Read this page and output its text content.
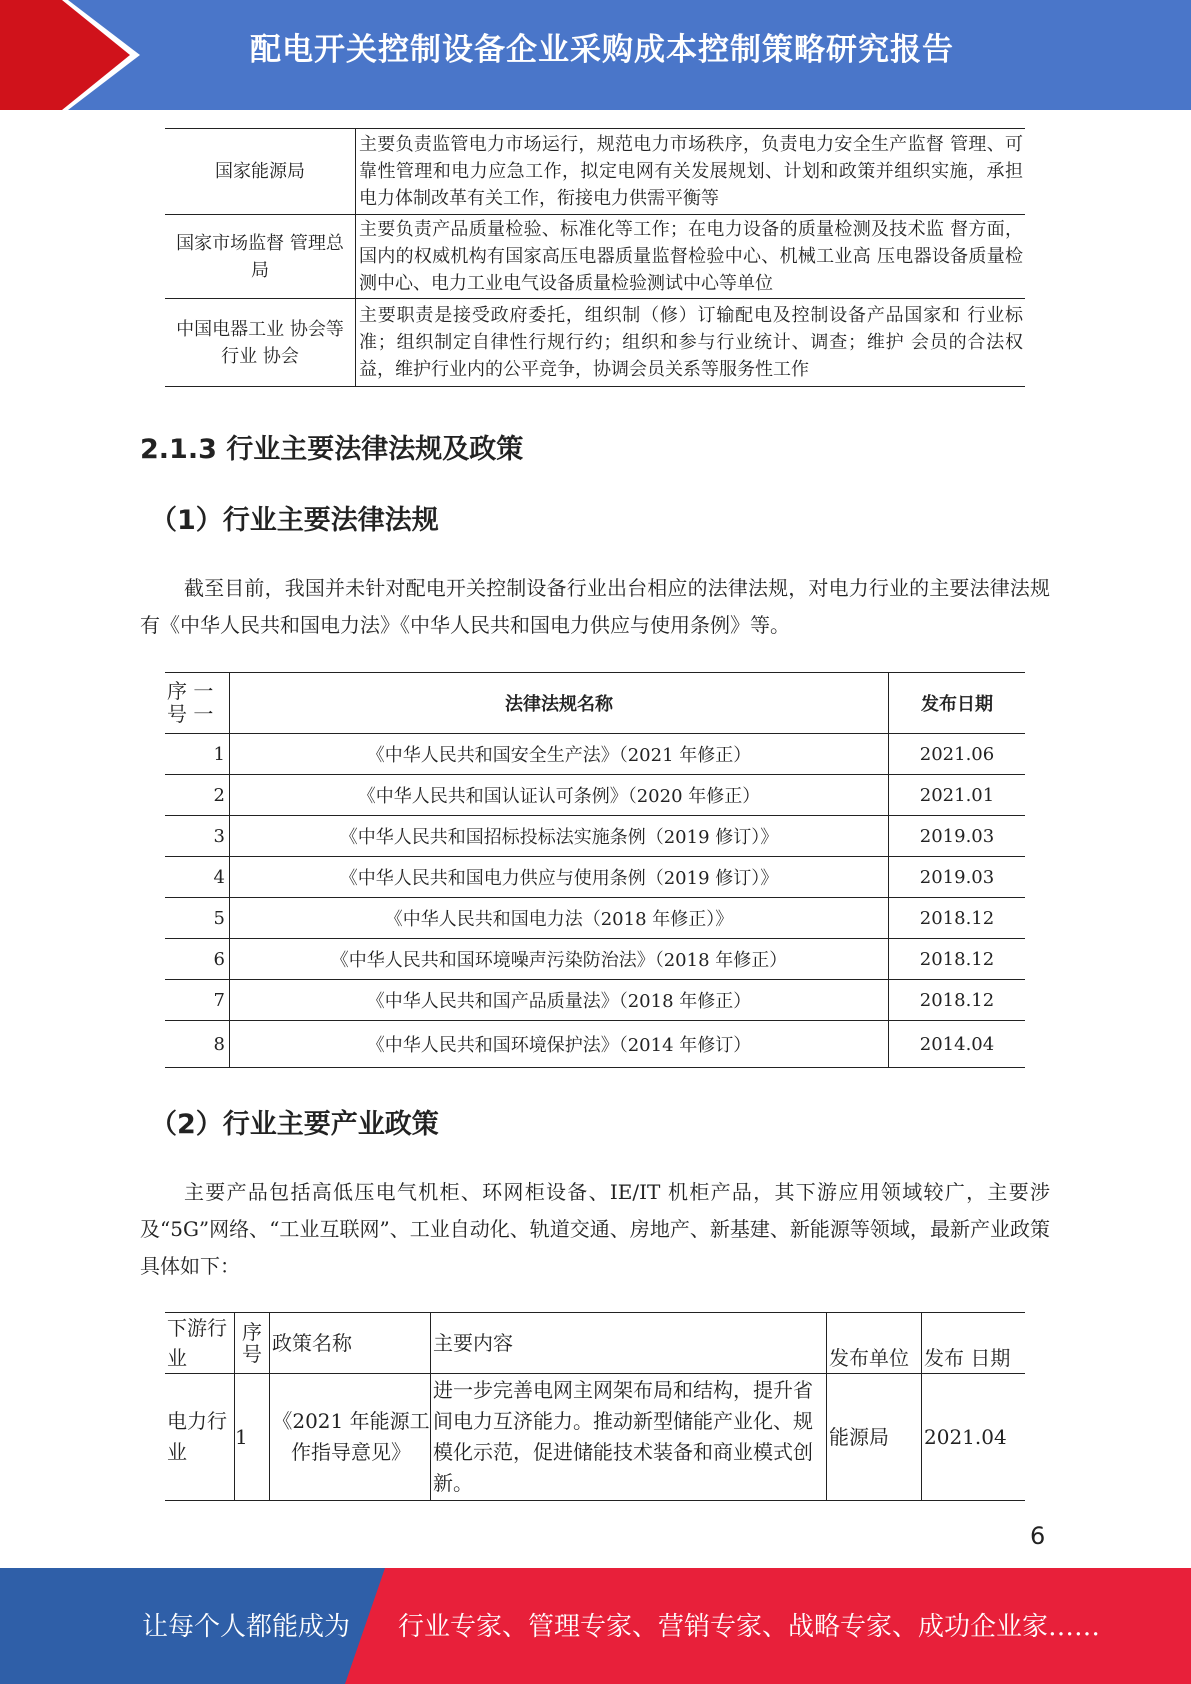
配电开关控制设备企业采购成本控制策略研究报告
国家能源局	主要负责监管电力市场运行，规范电力市场秩序，负责电力安全生产监督 管理、可靠性管理和电力应急工作，拟定电网有关发展规划、计划和政策并组织实施，承担电力体制改革有关工作，衔接电力供需平衡等
国家市场监督 管理总局	主要负责产品质量检验、标准化等工作；在电力设备的质量检测及技术监 督方面，国内的权威机构有国家高压电器质量监督检验中心、机械工业高 压电器设备质量检测中心、电力工业电气设备质量检验测试中心等单位
中国电器工业 协会等行业 协会	主要职责是接受政府委托，组织制（修）订输配电及控制设备产品国家和 行业标准；组织制定自律性行规行约；组织和参与行业统计、调查；维护 会员的合法权益，维护行业内的公平竞争，协调会员关系等服务性工作
2.1.3 行业主要法律法规及政策
（1）行业主要法律法规

截至目前，我国并未针对配电开关控制设备行业出台相应的法律法规，对电力行业的主要法律法规有《中华人民共和国电力法》《中华人民共和国电力供应与使用条例》等。

序 一
号 一	法律法规名称	发布日期
1	《中华人民共和国安全生产法》（2021 年修正）	2021.06
2	《中华人民共和国认证认可条例》（2020 年修正）	2021.01
3	《中华人民共和国招标投标法实施条例（2019 修订）》	2019.03
4	《中华人民共和国电力供应与使用条例（2019 修订）》	2019.03
5	《中华人民共和国电力法（2018 年修正）》	2018.12
6	《中华人民共和国环境噪声污染防治法》（2018 年修正）	2018.12
7	《中华人民共和国产品质量法》（2018 年修正）	2018.12
8	《中华人民共和国环境保护法》（2014 年修订）	2014.04
（2）行业主要产业政策

主要产品包括高低压电气机柜、环网柜设备、IE/IT 机柜产品，其下游应用领域较广，主要涉及“5G”网络、“工业互联网”、工业自动化、轨道交通、房地产、新基建、新能源等领域，最新产业政策具体如下：

下游行业	序号	政策名称	主要内容	发布单位	发布 日期
电力行业	1	《2021 年能源工作指导意见》	进一步完善电网主网架布局和结构，提升省间电力互济能力。推动新型储能产业化、规模化示范，促进储能技术装备和商业模式创新。	能源局	2021.04
6
让每个人都能成为 行业专家、管理专家、营销专家、战略专家、成功企业家……
